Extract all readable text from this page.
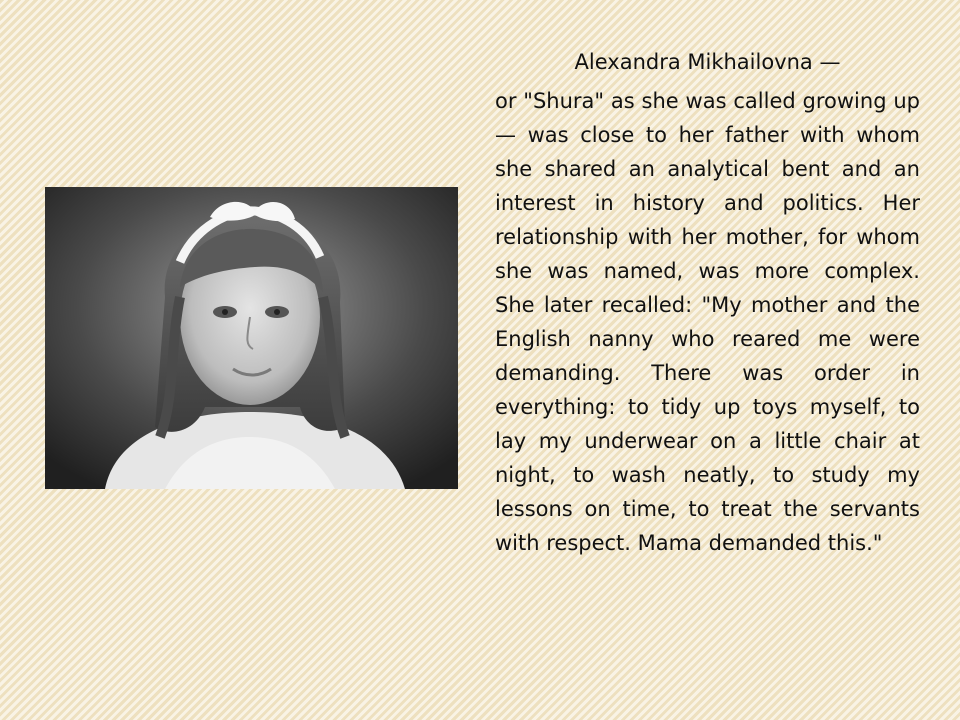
Alexandra Mikhailovna —

or "Shura" as she was called growing up — was close to her father with whom she shared an analytical bent and an interest in history and politics. Her relationship with her mother, for whom she was named, was more complex. She later recalled: "My mother and the English nanny who reared me were demanding. There was order in everything: to tidy up toys myself, to lay my underwear on a little chair at night, to wash neatly, to study my lessons on time, to treat the servants with respect. Mama demanded this."
